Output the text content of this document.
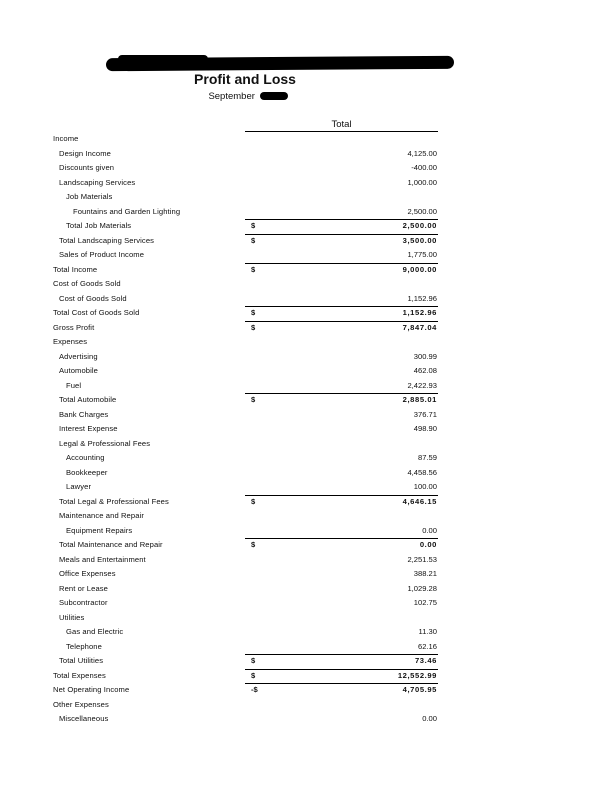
Profit and Loss
September
Total
Income
Design Income	4,125.00
Discounts given	-400.00
Landscaping Services	1,000.00
Job Materials
Fountains and Garden Lighting	2,500.00
Total Job Materials	$	2,500.00
Total Landscaping Services	$	3,500.00
Sales of Product Income	1,775.00
Total Income	$	9,000.00
Cost of Goods Sold
Cost of Goods Sold	1,152.96
Total Cost of Goods Sold	$	1,152.96
Gross Profit	$	7,847.04
Expenses
Advertising	300.99
Automobile	462.08
Fuel	2,422.93
Total Automobile	$	2,885.01
Bank Charges	376.71
Interest Expense	498.90
Legal & Professional Fees
Accounting	87.59
Bookkeeper	4,458.56
Lawyer	100.00
Total Legal & Professional Fees	$	4,646.15
Maintenance and Repair
Equipment Repairs	0.00
Total Maintenance and Repair	$	0.00
Meals and Entertainment	2,251.53
Office Expenses	388.21
Rent or Lease	1,029.28
Subcontractor	102.75
Utilities
Gas and Electric	11.30
Telephone	62.16
Total Utilities	$	73.46
Total Expenses	$	12,552.99
Net Operating Income	-$	4,705.95
Other Expenses
Miscellaneous	0.00
